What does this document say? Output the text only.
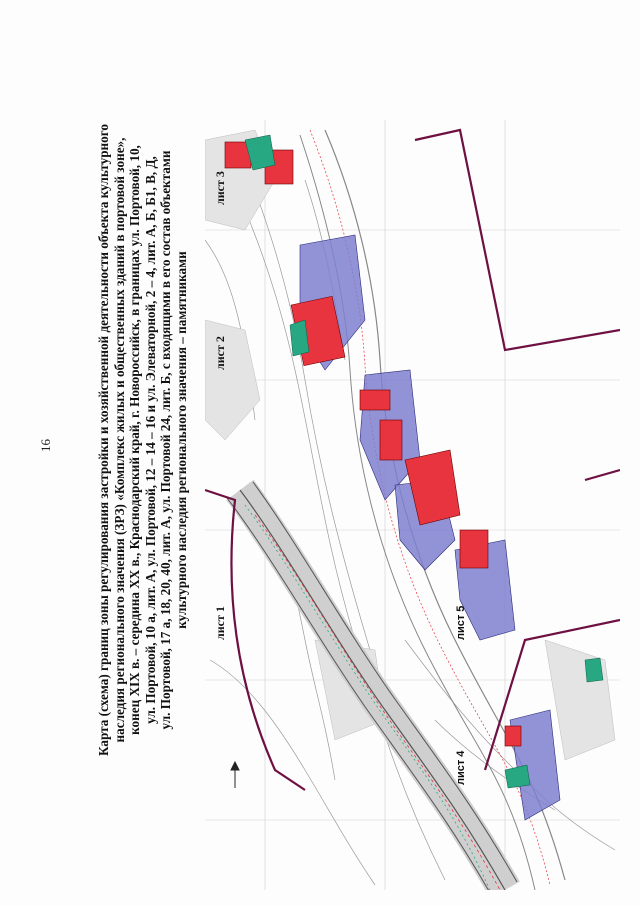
16	Карта (схема) границ зоны регулирования застройки и хозяйственной деятельности объекта культурного наследия регионального значения (ЗРЗ) «Комплекс жилых и общественных зданий в портовой зоне», конец XIX в. – середина XX в., Краснодарский край, г. Новороссийск, в границах ул. Портовой, 10, ул. Портовой, 10 а, лит. А, ул. Портовой, 12 – 14 – 16 и ул. Элеваторной, 2 – 4, лит. А, Б, Б1, В, Д, ул. Портовой, 17 а, 18, 20, 40, лит. А, ул. Портовой 24, лит. Б, с входящими в его состав объектами культурного наследия регионального значения – памятниками лист 1
лист 2
лист 3
лист 4
лист 5
